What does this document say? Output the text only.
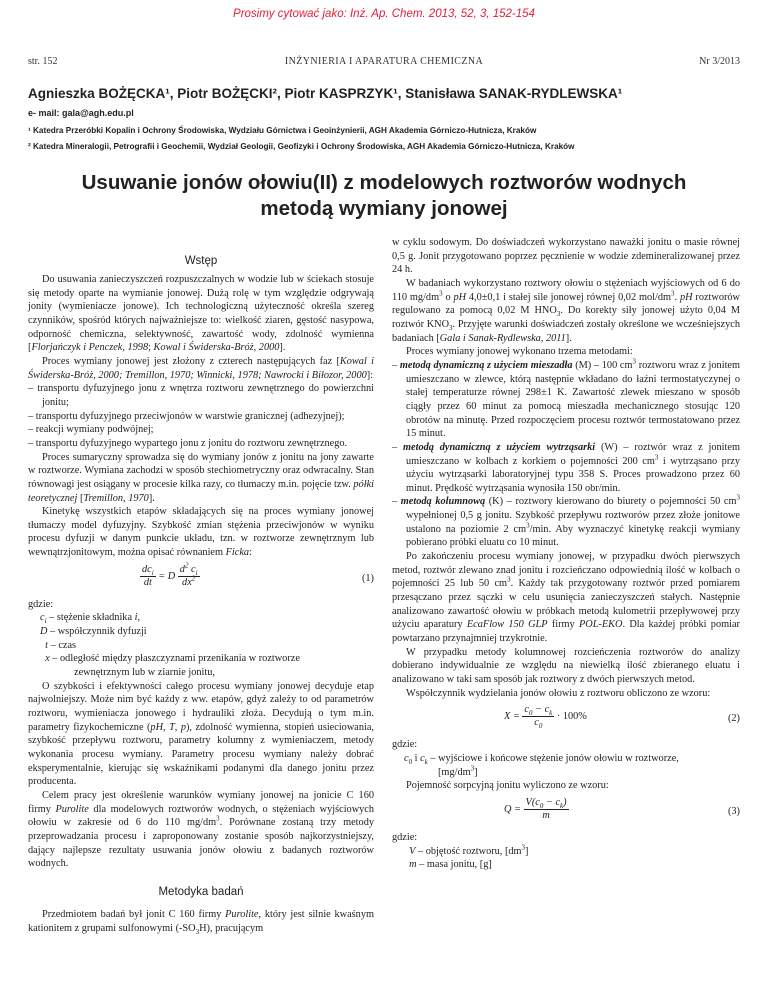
Prosimy cytować jako: Inż. Ap. Chem. 2013, 52, 3, 152-154
str. 152	INŻYNIERIA I APARATURA CHEMICZNA	Nr 3/2013
Agnieszka BOŻĘCKA¹, Piotr BOŻĘCKI², Piotr KASPRZYK¹, Stanisława SANAK-RYDLEWSKA¹
e- mail: gala@agh.edu.pl
¹ Katedra Przeróbki Kopalin i Ochrony Środowiska, Wydziału Górnictwa i Geoinżynierii, AGH Akademia Górniczo-Hutnicza, Kraków
² Katedra Mineralogii, Petrografii i Geochemii, Wydział Geologii, Geofizyki i Ochrony Środowiska, AGH Akademia Górniczo-Hutnicza, Kraków
Usuwanie jonów ołowiu(II) z modelowych roztworów wodnych
metodą wymiany jonowej
Wstęp

Do usuwania zanieczyszczeń rozpuszczalnych w wodzie lub w ściekach stosuje się metody oparte na wymianie jonowej. Dużą rolę w tym względzie odgrywają jonity (wymieniacze jonowe). Ich technologiczną użyteczność określa szereg czynników, spośród których najważniejsze to: wielkość ziaren, gęstość nasypowa, odporność chemiczna, selektywność, zawartość wody, zdolność wymienna [Florjańczyk i Penczek, 1998; Kowal i Świderska-Bróż, 2000].

Proces wymiany jonowej jest złożony z czterech następujących faz [Kowal i Świderska-Bróż, 2000; Tremillon, 1970; Winnicki, 1978; Nawrocki i Biłozor, 2000]:

– transportu dyfuzyjnego jonu z wnętrza roztworu zewnętrznego do powierzchni jonitu;

– transportu dyfuzyjnego przeciwjonów w warstwie granicznej (adhezyjnej);

– reakcji wymiany podwójnej;

– transportu dyfuzyjnego wypartego jonu z jonitu do roztworu zewnętrznego.

Proces sumaryczny sprowadza się do wymiany jonów z jonitu na jony zawarte w roztworze. Wymiana zachodzi w sposób stechiometryczny oraz odwracalny. Stan równowagi jest osiągany w procesie kilka razy, co tłumaczy m.in. pojęcie tzw. półki teoretycznej [Tremillon, 1970].

Kinetykę wszystkich etapów składających się na proces wymiany jonowej tłumaczy model dyfuzyjny. Szybkość zmian stężenia przeciwjonów w wyniku procesu dyfuzji w danym punkcie układu, tzn. w roztworze zewnętrznym lub wewnątrzjonitowym, można opisać równaniem Ficka:

$\frac{dc_i}{dt} = D \frac{d^2 c_i}{dx^2}$	(1)

gdzie:

$c_i$ – stężenie składnika i,

D – współczynnik dyfuzji

t – czas

x – odległość między płaszczyznami przenikania w roztworze

zewnętrznym lub w ziarnie jonitu,

O szybkości i efektywności całego procesu wymiany jonowej decyduje etap najwolniejszy. Może nim być każdy z ww. etapów, gdyż zależy to od parametrów roztworu, wymieniacza jonowego i hydrauliki złoża. Decydują o tym m.in. parametry fizykochemiczne (pH, T, p), zdolność wymienna, stopień usieciowania, szybkość przepływu roztworu, parametry kolumny z wymieniaczem, metody wykonania procesu wymiany. Parametry procesu wymiany należy dobrać eksperymentalnie, kierując się wskaźnikami podanymi dla danego jonitu przez producenta.

Celem pracy jest określenie warunków wymiany jonowej na jonicie C 160 firmy Purolite dla modelowych roztworów wodnych, o stężeniach wyjściowych ołowiu w zakresie od 6 do 110 $mg/dm^3$. Porównane zostaną trzy metody przeprowadzania procesu i zaproponowany zostanie sposób najkorzystniejszy, dający najlepsze rezultaty usuwania jonów ołowiu z badanych roztworów wodnych.

Metodyka badań

Przedmiotem badań był jonit C 160 firmy Purolite, który jest silnie kwaśnym kationitem z grupami sulfonowymi $(-SO_3H)$, pracującym

w cyklu sodowym. Do doświadczeń wykorzystano naważki jonitu o masie równej 0,5 g. Jonit przygotowano poprzez pęcznienie w wodzie zdemineralizowanej przez 24 h.

W badaniach wykorzystano roztwory ołowiu o stężeniach wyjściowych od 6 do 110 $mg/dm^3$ o pH 4,0±0,1 i stałej sile jonowej równej 0,02 mol/$dm^3$. pH roztworów regulowano za pomocą 0,02 M $HNO_3$. Do korekty siły jonowej użyto 0,04 M roztwór $KNO_3$. Przyjęte warunki doświadczeń zostały określone we wcześniejszych badaniach [Gala i Sanak-Rydlewska, 2011].

Proces wymiany jonowej wykonano trzema metodami:

– metodą dynamiczną z użyciem mieszadła (M) – 100 $cm^3$ roztworu wraz z jonitem umieszczano w zlewce, którą następnie wkładano do łaźni termostatyczynej o stałej temperaturze równej 298±1 K. Zawartość zlewek mieszano w sposób ciągły przez 60 minut za pomocą mieszadła mechanicznego stosując 120 obrotów na minutę. Przed rozpoczęciem procesu roztwór termostatowano przez 15 minut.

– metodą dynamiczną z użyciem wytrząsarki (W) – roztwór wraz z jonitem umieszczano w kolbach z korkiem o pojemności 200 $cm^3$ i wytrząsano przy użyciu wytrząsarki laboratoryjnej typu 358 S. Proces prowadzono przez 60 minut. Prędkość wytrząsania wynosiła 150 obr/min.

– metodą kolumnową (K) – roztwory kierowano do biurety o pojemności 50 $cm^3$ wypełnionej 0,5 g jonitu. Szybkość przepływu roztworów przez złoże jonitowe ustalono na poziomie 2 $cm^3/\min$. Aby wyznaczyć kinetykę reakcji wymiany pobierano próbki eluatu co 10 minut.

Po zakończeniu procesu wymiany jonowej, w przypadku dwóch pierwszych metod, roztwór zlewano znad jonitu i rozcieńczano odpowiednią ilość w kolbach o pojemności 25 lub 50 $cm^3$. Każdy tak przygotowany roztwór przed pomiarem przesączano przez sączki w celu usunięcia zanieczyszczeń stałych. Następnie analizowano zawartość ołowiu w próbkach metodą kulometrii przepływowej przy użyciu aparatury EcaFlow 150 GLP firmy POL-EKO. Dla każdej próbki pomiar powtarzano przynajmniej trzykrotnie.

W przypadku metody kolumnowej rozcieńczenia roztworów do analizy dobierano indywidualnie ze względu na niewielką ilość zbieranego eluatu i analizowano w taki sam sposób jak roztwory z dwóch pierwszych metod.

Współczynnik wydzielania jonów ołowiu z roztworu obliczono ze wzoru:

$X = \frac{c_0 - c_k}{c_0} \cdot 100\%$	(2)

gdzie:

$c_0$ i $c_k$ – wyjściowe i końcowe stężenie jonów ołowiu w roztworze,

$[mg/dm^3]$

Pojemność sorpcyjną jonitu wyliczono ze wzoru:

$Q = \frac{V(c_0 - c_k)}{m}$	(3)

gdzie:

V – objętość roztworu, $[dm^3]$

m – masa jonitu, [g]
